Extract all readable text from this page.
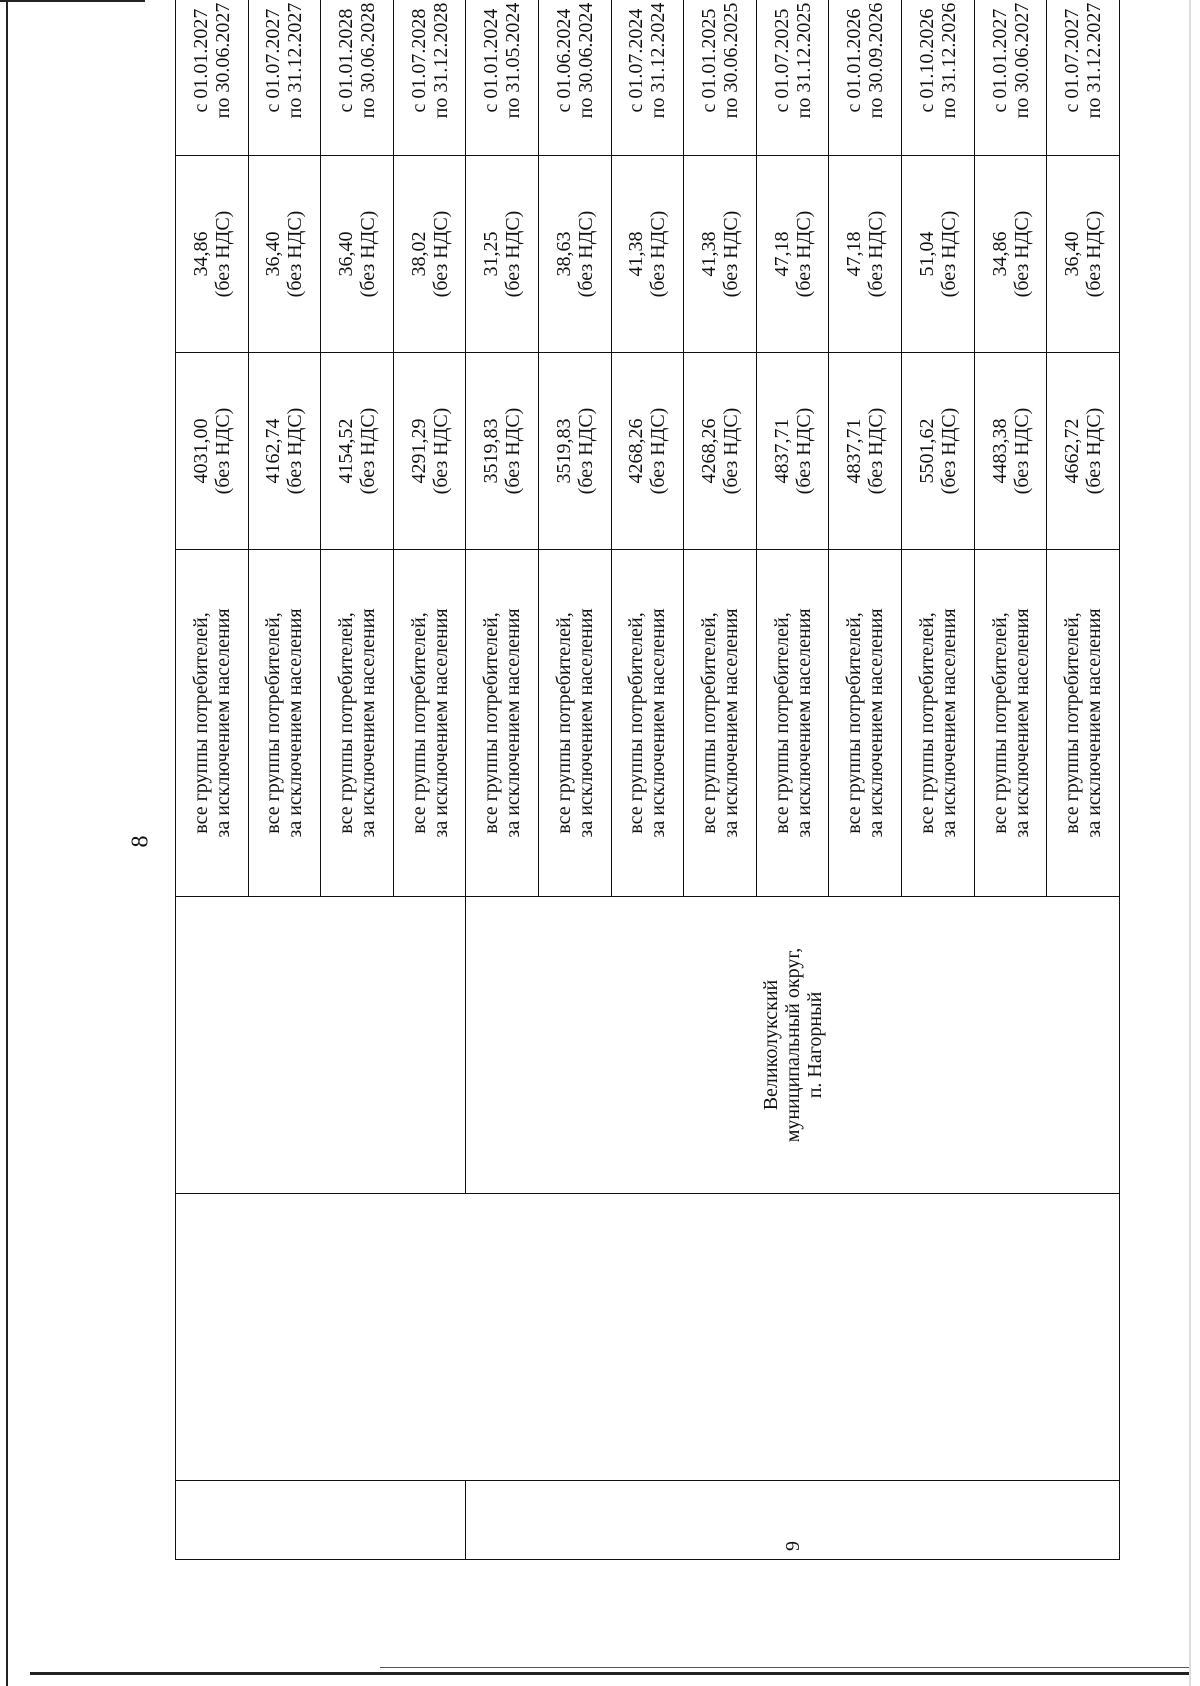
8

			все группы потребителей, за исключением населения	4031,00 (без НДС)	34,86 (без НДС)	с 01.01.2027 по 30.06.2027

			все группы потребителей, за исключением населения	4162,74 (без НДС)	36,40 (без НДС)	с 01.07.2027 по 31.12.2027

			все группы потребителей, за исключением населения	4154,52 (без НДС)	36,40 (без НДС)	с 01.01.2028 по 30.06.2028

			все группы потребителей, за исключением населения	4291,29 (без НДС)	38,02 (без НДС)	с 01.07.2028 по 31.12.2028

9		Великолукский муниципальный округ, п. Нагорный	все группы потребителей, за исключением населения	3519,83 (без НДС)	31,25 (без НДС)	с 01.01.2024 по 31.05.2024

			все группы потребителей, за исключением населения	3519,83 (без НДС)	38,63 (без НДС)	с 01.06.2024 по 30.06.2024

			все группы потребителей, за исключением населения	4268,26 (без НДС)	41,38 (без НДС)	с 01.07.2024 по 31.12.2024

			все группы потребителей, за исключением населения	4268,26 (без НДС)	41,38 (без НДС)	с 01.01.2025 по 30.06.2025

			все группы потребителей, за исключением населения	4837,71 (без НДС)	47,18 (без НДС)	с 01.07.2025 по 31.12.2025

			все группы потребителей, за исключением населения	4837,71 (без НДС)	47,18 (без НДС)	с 01.01.2026 по 30.09.2026

			все группы потребителей, за исключением населения	5501,62 (без НДС)	51,04 (без НДС)	с 01.10.2026 по 31.12.2026

			все группы потребителей, за исключением населения	4483,38 (без НДС)	34,86 (без НДС)	с 01.01.2027 по 30.06.2027

			все группы потребителей, за исключением населения	4662,72 (без НДС)	36,40 (без НДС)	с 01.07.2027 по 31.12.2027
